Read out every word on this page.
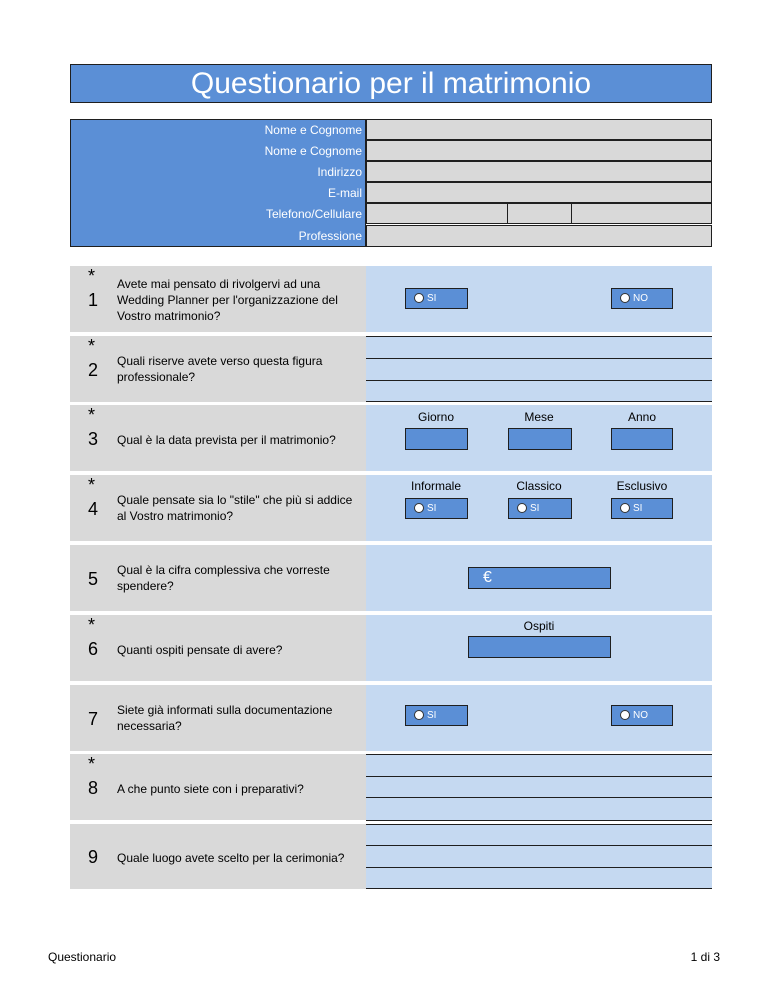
Questionario per il matrimonio
Nome e Cognome
Nome e Cognome
Indirizzo
E-mail
Telefono/Cellulare
Professione
*
1
Avete mai pensato di rivolgervi ad una Wedding Planner per l'organizzazione del Vostro matrimonio?
SI	NO
*
2 Quali riserve avete verso questa figura professionale?
*
3 Qual è la data prevista per il matrimonio?
Giorno	Mese	Anno
*
4 Quale pensate sia lo "stile" che più si addice al Vostro matrimonio?
Informale	Classico	Esclusivo
SI	SI	SI
5 Qual è la cifra complessiva che vorreste spendere?	€
*
6 Quanti ospiti pensate di avere?
Ospiti
7 Siete già informati sulla documentazione necessaria?
SI	NO
*
8 A che punto siete con i preparativi?
9 Quale luogo avete scelto per la cerimonia?
Questionario	1 di 3
